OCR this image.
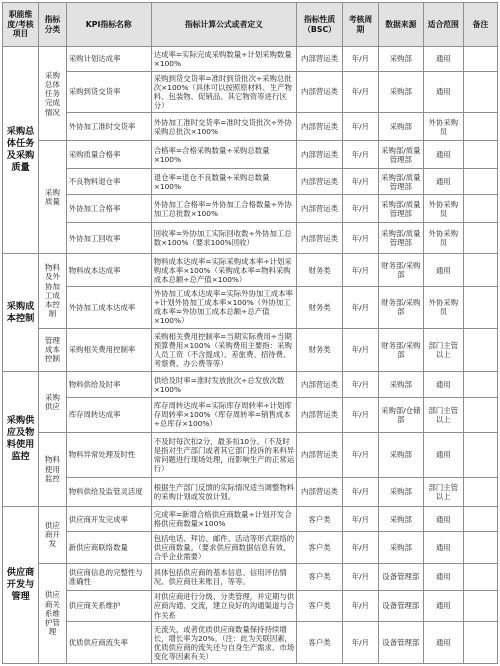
职能维度/考核项目	指标分类	KPI指标名称	指标计算公式或者定义	指标性质（BSC）	考核周期	数据来源	适合范围	备注
采购总体任务及采购质量	采购总体任务完成情况	采购计划达成率	达成率=实际完成采购数量÷计划采购数量×100%	内部营运类	年/月	采购部	通用	
		采购到货交货率	采购到货交货率=准时到货批次÷采购总批次×100%（具体可以按照原材料、生产物料、包装物、促销品、其它物资等进行区分）	内部营运类	年/月	采购部	通用	
		外协加工准时交货率	外协加工准时交货率=准时交货批次÷外协采购总批次×100%	内部营运类	年/月	采购部	外协采购员	
	采购质量	采购质量合格率	合格率=合格采购数量÷采购总数量×100%	内部营运类	年/月	采购部/质量管理部	通用	
		不良物料退仓率	退仓率=退仓不良数量÷采购总数量×100%	内部营运类	年/月	采购部/质量管理部	通用	
		外协加工合格率	外协加工合格率=外协加工合格数量÷外协加工总批数×100%	内部营运类	年/月	采购部/质量管理部	外协采购员	
		外协加工回收率	回收率=外协加工实际回收数÷外协加工总数×100%（要求100%回收）	内部营运类	年/月	采购部/质量管理部	外协采购员	
采购成本控制	物料及外协加工成本控制	物料成本达成率	物料成本达成率=实际采购成本率÷计划采购成本率×100%（采购成本率=物料采购成本总额÷总产值×100%）	财务类	年/月	财务部/采购部	通用	
		外协加工成本达成率	外协加工成本达成率=实际外协加工成本率÷计划外协加工成本率×100%（外协加工成本率=外协加工成本总额÷总产值×100%）	财务类	年/月	财务部/采购部	外协采购员	
	管理成本控制	采购相关费用控制率	采购相关费用控制率=当期实际费用÷当期预算费用×100%（采购费用主要指：采购人员工资（不含提成）、差旅费、招待费、考察费、办公费等等）	财务类	年/月	财务部/采购部	部门主管以上	
采购供应及物料使用监控	采购供应	物料供给及时率	供给及时率=准时发放批次÷总发放次数×100%	内部营运类	年/月	采购部	通用	
		库存周转达成率	库存周转达成率=实际库存周转率÷计划库存周转率×100%（库存周转率=销售成本÷总库存×100%）	内部营运类	年/月	采购部/仓储部	部门主管以上	
	物料使用监控	物料异常处理及时性	不及时每次扣2分，最多扣10分。（不及时是指对生产部门或者其它部门投诉的来料异常问题进行现场处理，而影响生产的正常运行）	内部营运类	年/月	采购部	通用	
		物料供给及监管灵活度	根据生产部门反馈的实际情况适当调整物料的采购计划或发放计划。	内部营运类	年/月	采购部	部门主管以上	
供应商开发与管理	供应商开发	供应商开发完成率	完成率=新增合格供应商数量÷计划开发合格供应商数量×100%	客户类	年/月	采购部	通用	
		新供应商联络数量	包括电话、拜访、邮件、活动等形式联络的供应商数量。（要求供应商数据信息有效，合乎企业需要）	客户类	年/月	采购部	通用	
	供应商关系维护管理	供应商信息的完整性与准确性	具体包括供应商的基本信息、信用评估情况、供应商往来账目，等等。	客户类	年/月	设备管理部	通用	
		供应商关系维护	对供应商进行分级、分类管理，并定期与供应商沟通、交流，建立良好的沟通渠道与合作关系	客户类	年/月	设备管理部	通用	
		优质供应商流失率	无流失，或者优质供应商数量保持持续增长，增长率为20%。（注：此为关联因素，优质供应商的流失还与自身生产需求、市场变化等因素有关）	客户类	年/月	设备管理部	通用	
